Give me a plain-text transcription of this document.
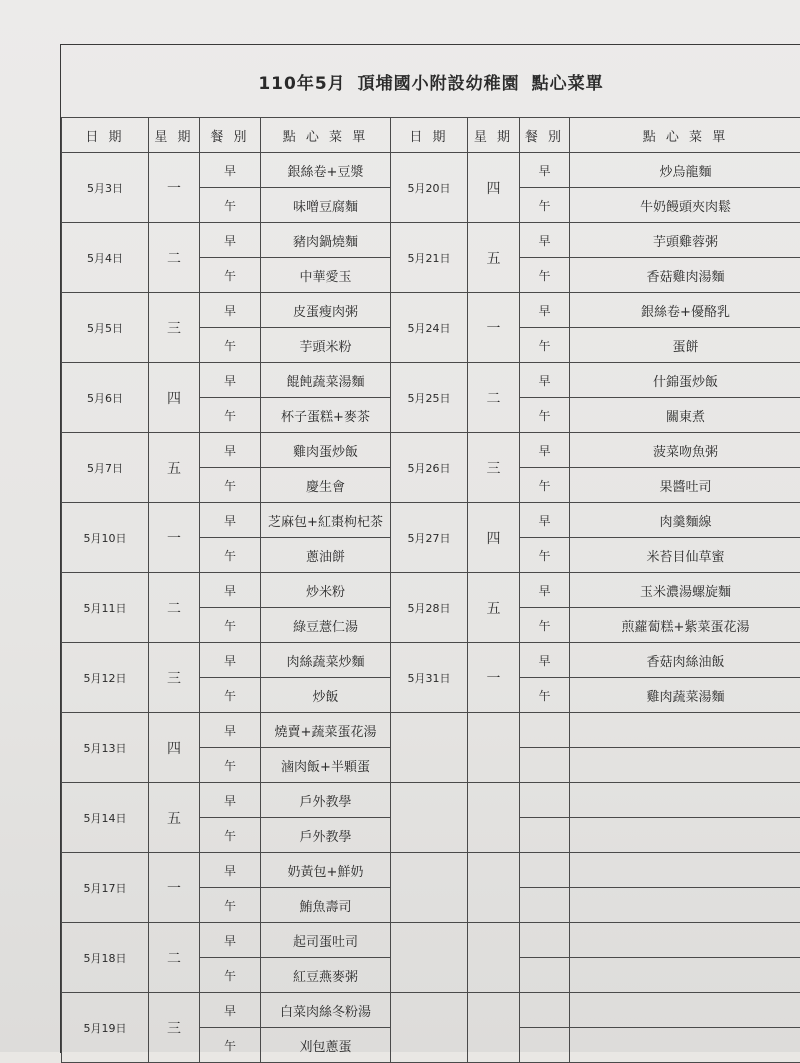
110年5月 頂埔國小附設幼稚園 點心菜單
日 期	星 期	餐 別	點 心 菜 單	日 期	星 期	餐 別	點 心 菜 單
5月3日	一	早	銀絲卷+豆漿	5月20日	四	早	炒烏龍麵
		午	味噌豆腐麵			午	牛奶饅頭夾肉鬆
5月4日	二	早	豬肉鍋燒麵	5月21日	五	早	芋頭雞蓉粥
		午	中華愛玉			午	香菇雞肉湯麵
5月5日	三	早	皮蛋瘦肉粥	5月24日	一	早	銀絲卷+優酪乳
		午	芋頭米粉			午	蛋餅
5月6日	四	早	餛飩蔬菜湯麵	5月25日	二	早	什錦蛋炒飯
		午	杯子蛋糕+麥茶			午	關東煮
5月7日	五	早	雞肉蛋炒飯	5月26日	三	早	菠菜吻魚粥
		午	慶生會			午	果醬吐司
5月10日	一	早	芝麻包+紅棗枸杞茶	5月27日	四	早	肉羹麵線
		午	蔥油餅			午	米苔目仙草蜜
5月11日	二	早	炒米粉	5月28日	五	早	玉米濃湯螺旋麵
		午	綠豆薏仁湯			午	煎蘿蔔糕+紫菜蛋花湯
5月12日	三	早	肉絲蔬菜炒麵	5月31日	一	早	香菇肉絲油飯
		午	炒飯			午	雞肉蔬菜湯麵
5月13日	四	早	燒賣+蔬菜蛋花湯				
		午	滷肉飯+半顆蛋				
5月14日	五	早	戶外教學				
		午	戶外教學				
5月17日	一	早	奶黃包+鮮奶				
		午	鮪魚壽司				
5月18日	二	早	起司蛋吐司				
		午	紅豆燕麥粥				
5月19日	三	早	白菜肉絲冬粉湯				
		午	刈包蔥蛋				
